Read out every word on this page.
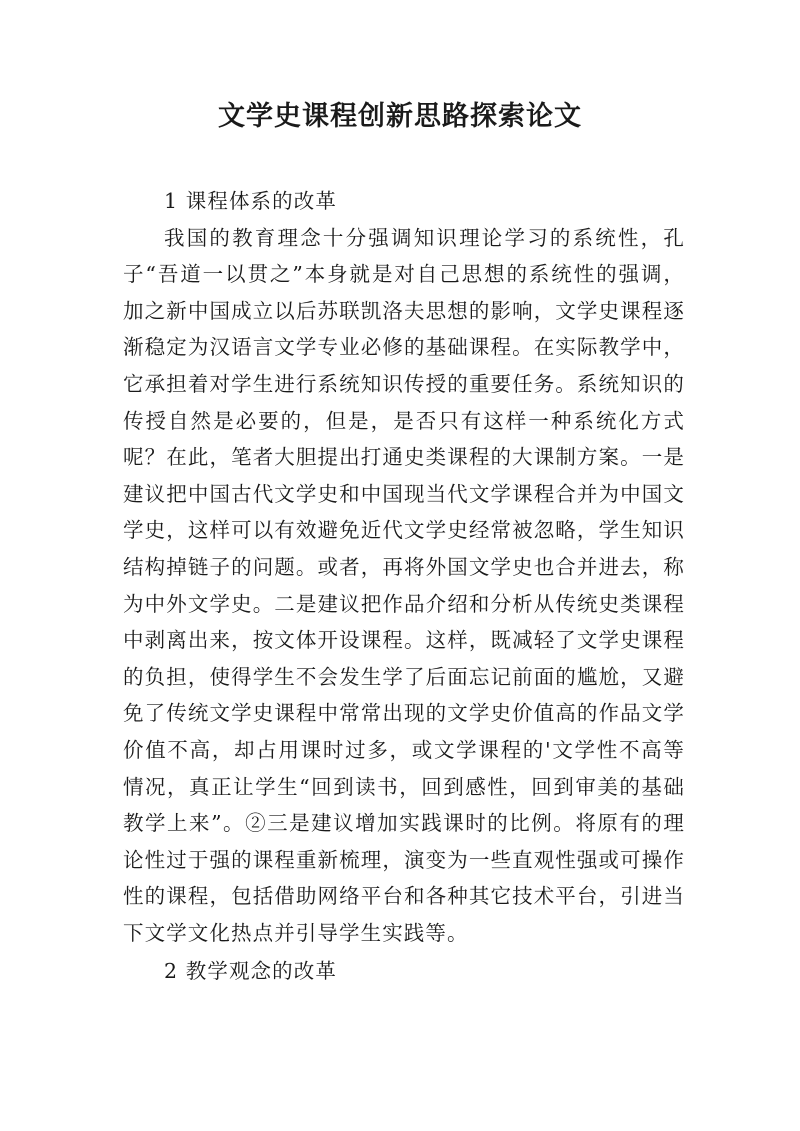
文学史课程创新思路探索论文

1 课程体系的改革

我国的教育理念十分强调知识理论学习的系统性，孔子“吾道一以贯之”本身就是对自己思想的系统性的强调，加之新中国成立以后苏联凯洛夫思想的影响，文学史课程逐渐稳定为汉语言文学专业必修的基础课程。在实际教学中，它承担着对学生进行系统知识传授的重要任务。系统知识的传授自然是必要的，但是，是否只有这样一种系统化方式呢？在此，笔者大胆提出打通史类课程的大课制方案。一是建议把中国古代文学史和中国现当代文学课程合并为中国文学史，这样可以有效避免近代文学史经常被忽略，学生知识结构掉链子的问题。或者，再将外国文学史也合并进去，称为中外文学史。二是建议把作品介绍和分析从传统史类课程中剥离出来，按文体开设课程。这样，既减轻了文学史课程的负担，使得学生不会发生学了后面忘记前面的尴尬，又避免了传统文学史课程中常常出现的文学史价值高的作品文学价值不高，却占用课时过多，或文学课程的'文学性不高等情况，真正让学生“回到读书，回到感性，回到审美的基础教学上来”。②三是建议增加实践课时的比例。将原有的理论性过于强的课程重新梳理，演变为一些直观性强或可操作性的课程，包括借助网络平台和各种其它技术平台，引进当下文学文化热点并引导学生实践等。

2 教学观念的改革
